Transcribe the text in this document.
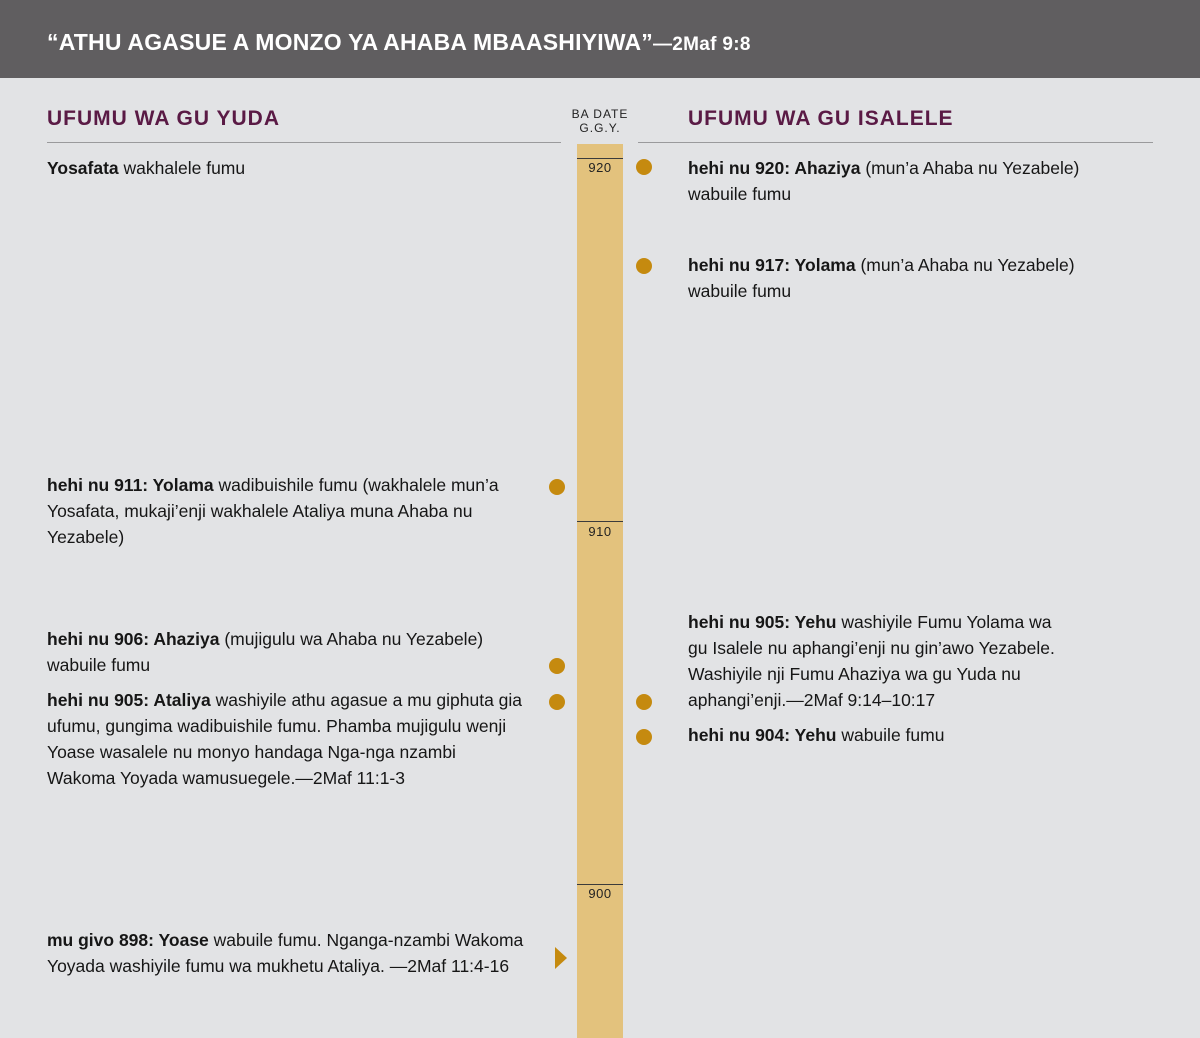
“ATHU AGASUE A MONZO YA AHABA MBAASHIYIWA”—2Maf 9:8
UFUMU WA GU YUDA	UFUMU WA GU ISALELE
BA DATE
G.G.Y.
920
910
900
Yosafata wakhalele fumu
hehi nu 911: Yolama wadibuishile fumu (wakhalele mun’a Yosafata, mukaji’enji wakhalele Ataliya muna Ahaba nu Yezabele)
hehi nu 906: Ahaziya (mujigulu wa Ahaba nu Yezabele) wabuile fumu
hehi nu 905: Ataliya washiyile athu agasue a mu giphuta gia ufumu, gungima wadibuishile fumu. Phamba mujigulu wenji Yoase wasalele nu monyo handaga Nga-nga nzambi Wakoma Yoyada wamusuegele.—2Maf 11:1-3
mu givo 898: Yoase wabuile fumu. Nganga-nzambi Wakoma Yoyada washiyile fumu wa mukhetu Ataliya. —2Maf 11:4-16
hehi nu 920: Ahaziya (mun’a Ahaba nu Yezabele) wabuile fumu
hehi nu 917: Yolama (mun’a Ahaba nu Yezabele) wabuile fumu
hehi nu 905: Yehu washiyile Fumu Yolama wa gu Isalele nu aphangi’enji nu gin’awo Yezabele. Washiyile nji Fumu Ahaziya wa gu Yuda nu aphangi’enji.—2Maf 9:14–10:17
hehi nu 904: Yehu wabuile fumu
